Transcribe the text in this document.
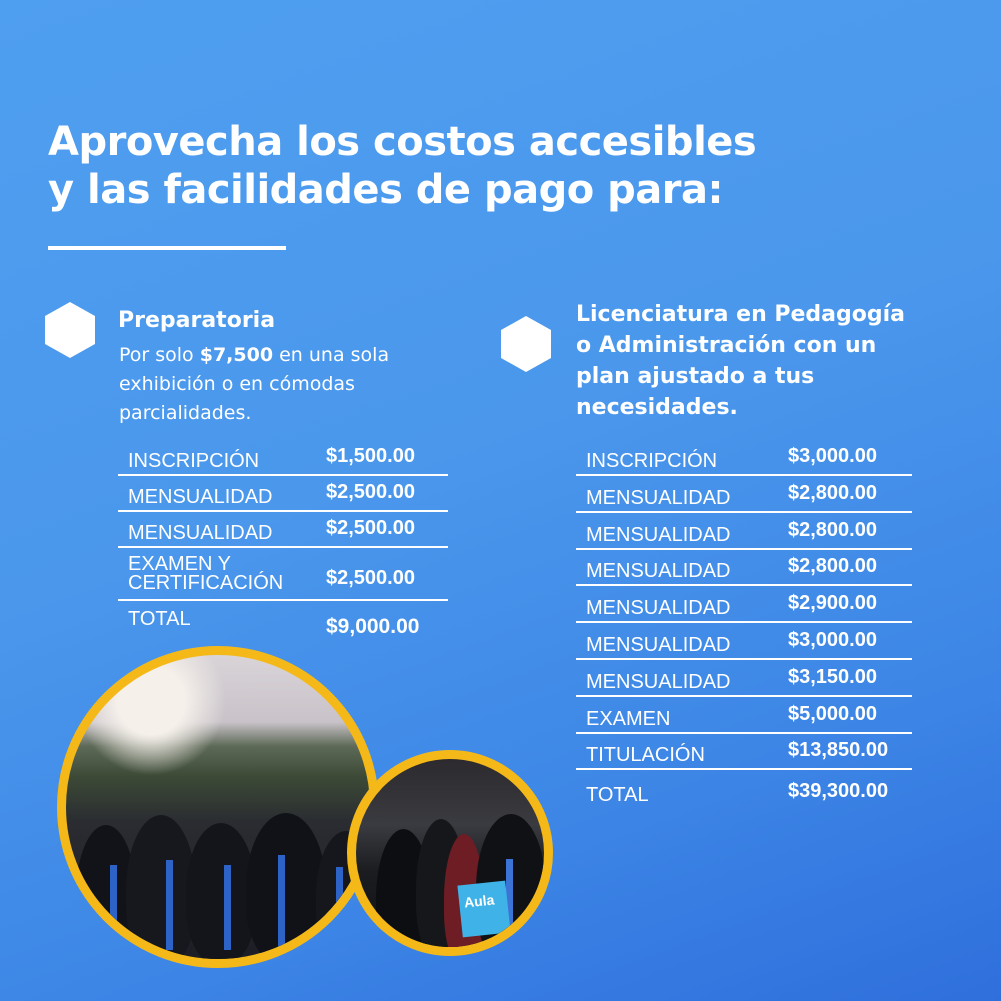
Aprovecha los costos accesibles
y las facilidades de pago para:
Preparatoria
Por solo $7,500 en una sola exhibición o en cómodas parcialidades.
INSCRIPCIÓN	$1,500.00
MENSUALIDAD	$2,500.00
MENSUALIDAD	$2,500.00
EXAMEN Y
CERTIFICACIÓN $2,500.00
TOTAL	$9,000.00
Licenciatura en Pedagogía
o Administración con un
plan ajustado a tus
necesidades.
INSCRIPCIÓN	$3,000.00
MENSUALIDAD	$2,800.00
MENSUALIDAD	$2,800.00
MENSUALIDAD	$2,800.00
MENSUALIDAD	$2,900.00
MENSUALIDAD	$3,000.00
MENSUALIDAD	$3,150.00
EXAMEN	$5,000.00
TITULACIÓN	$13,850.00
TOTAL	$39,300.00
Aula
